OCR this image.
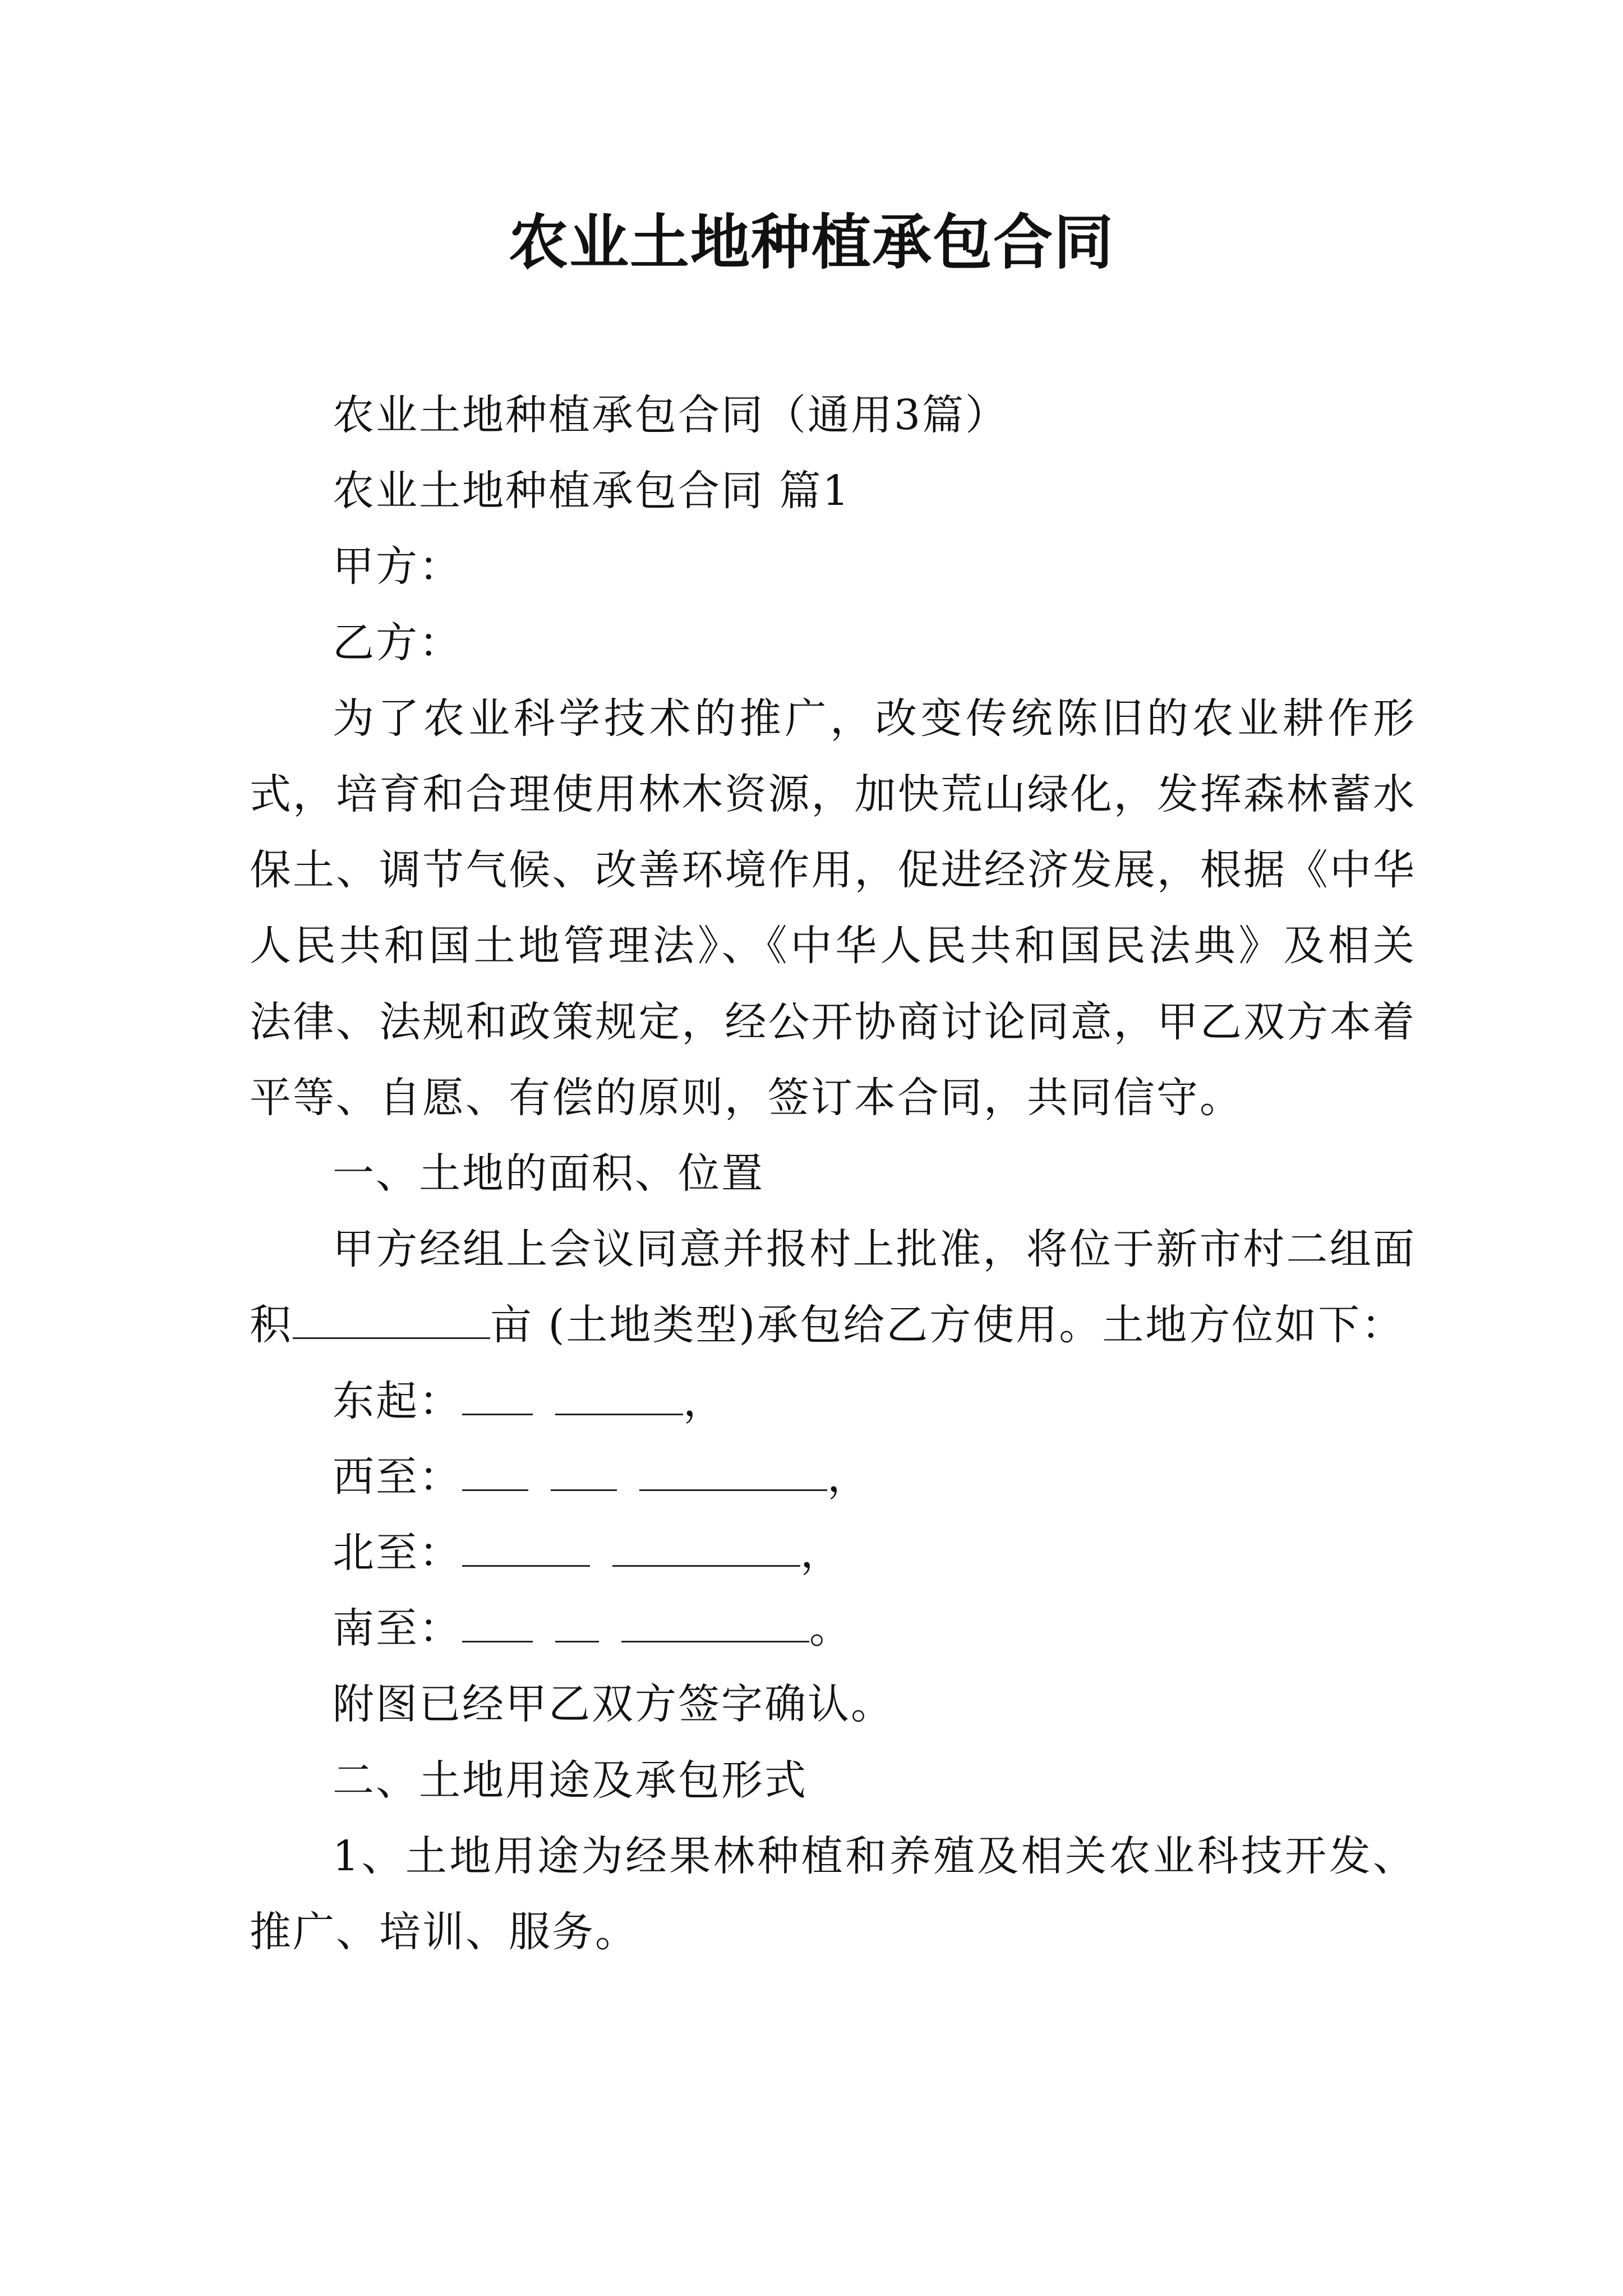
农业土地种植承包合同

农业土地种植承包合同（通用3篇）

农业土地种植承包合同 篇1

甲方：

乙方：

为了农业科学技术的推广，改变传统陈旧的农业耕作形式，培育和合理使用林木资源，加快荒山绿化，发挥森林蓄水保土、调节气候、改善环境作用，促进经济发展，根据《中华人民共和国土地管理法》、《中华人民共和国民法典》及相关法律、法规和政策规定，经公开协商讨论同意，甲乙双方本着平等、自愿、有偿的原则，签订本合同，共同信守。

一、土地的面积、位置

甲方经组上会议同意并报村上批准，将位于新市村二组面积	亩 (土地类型)承包给乙方使用。土地方位如下：

东起：	，

西至：	，

北至：	，

南至：	。

附图已经甲乙双方签字确认。

二、土地用途及承包形式

1、土地用途为经果林种植和养殖及相关农业科技开发、推广、培训、服务。
